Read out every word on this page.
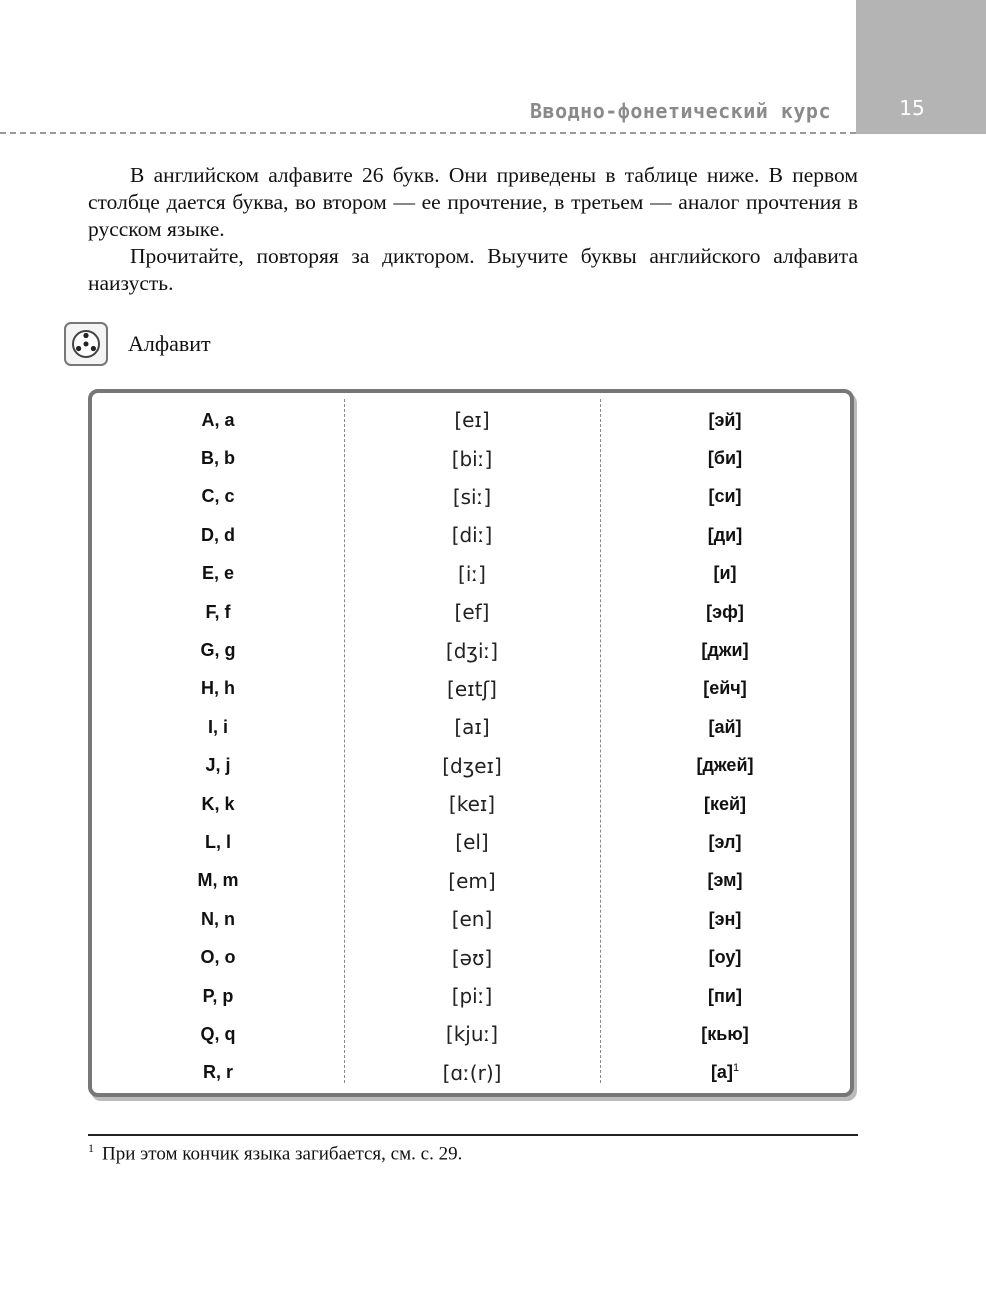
15
Вводно-фонетический курс

В английском алфавите 26 букв. Они приведены в таблице ниже. В первом столбце дается буква, во втором — ее прочтение, в третьем — аналог прочтения в русском языке.

Прочитайте, повторяя за диктором. Выучите буквы английского алфавита наизусть.

Алфавит
A, a	[eɪ]	[эй]
B, b	[biː]	[би]
C, c	[siː]	[си]
D, d	[diː]	[ди]
E, e	[iː]	[и]
F, f	[ef]	[эф]
G, g	[dʒiː]	[джи]
H, h	[eɪtʃ]	[ейч]
I, i	[aɪ]	[ай]
J, j	[dʒeɪ]	[джей]
K, k	[keɪ]	[кей]
L, l	[el]	[эл]
M, m	[em]	[эм]
N, n	[en]	[эн]
O, o	[əʊ]	[оу]
P, p	[piː]	[пи]
Q, q	[kjuː]	[кью]
R, r	[ɑː(r)]	$[а]^1$
$^1$ При этом кончик языка загибается, см. с. 29.
